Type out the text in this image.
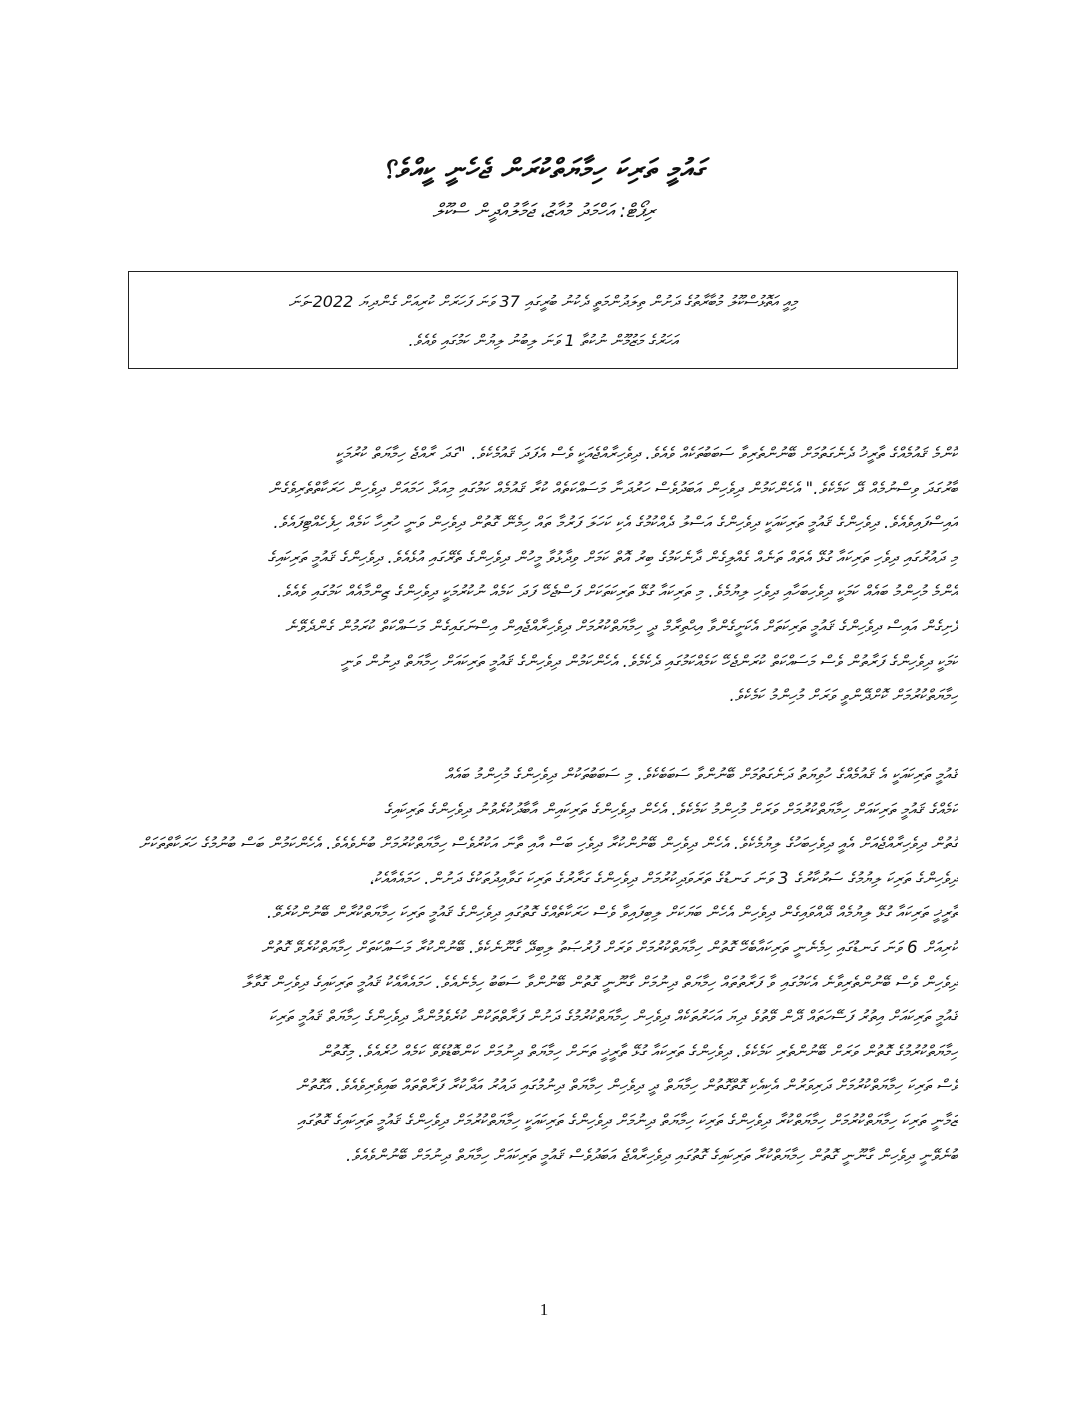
ގައުމީ ތަރިކަ ހިމާޔަތްކުރަން ޖެހެނީ ކީއްވެ؟
ރިޕޯޓް: އަހްމަދު މުއާޒު، ޖަމާލުއްދީން ސްކޫލް

މިއީ އަތޮޅުސްކޫލު މުބާރާތުގެ ދަށުން ތިލަދުންމަތީ ދެކުނު ބުރީގައި 37 ވަނަ ފަހަރަށް ކުރިއަށް ގެންދިޔަ 2022-ވަނަ

އަހަރުގެ މަޒުމޫން ނުކުތާ 1 ވަނަ ލިބުނު ލިޔުން ކަމުގައި ވެއެވެ.

ކޮންމެ ޤައުމެއްގެ ތާރީޚު ދެނެގަތުމަށް ބޭނުންތެރިވާ ސަބަބުތަކެއް ވެއެވެ. ދިވެހިރާއްޖެއަކީ ވެސް އެފަދަ ޤައުމެކެވެ. "ގަދަ ރާއްޖެ ހިމާޔަތް ކުރުމަކީ

ބާރުގަދަ ވިސްނުމެއް ދޭ ކަމެކެވެ." އެހެންކަމުން ދިވެހިން އަބަދުވެސް ހަރުދަނާ މަސައްކަތެއް ކުރާ ޤައުމެއް ކަމުގައި މިއަދާ ހަމައަށް ދިވެހިން ހަރަކާތްތެރިވެގެން

އައިސްފައިވެއެވެ. ދިވެހިންގެ ޤައުމީ ތަރިކައަކީ ދިވެހިންގެ އަސްލު ދެއްކުމުގެ އެކި ކަހަލަ ފަރުމާ ތައް ހިމެނޭ ގޮތުން ދިވެހިން ވަނީ ހުރިހާ ކަމެއް ހިފެހެއްޓިފައެވެ.

މި ދައުރުގައި ދިވެހި ތަރިކައާ ގުޅޭ އެތައް ތަނެއް ގެއްލިގެން ދާނެކަމުގެ ބިރު އޮތް ކަމަށް ވިދާޅުވާ މީހުން ދިވެހިންގެ ތެރޭގައި އުޅެއެވެ. ދިވެހިންގެ ޤައުމީ ތަރިކައިގެ

އެންމެ މުހިންމު ބައެއް ކަމަކީ ދިވެހިބަހާއި ދިވެހި ލިޔުމެވެ. މި ތަރިކައާ ގުޅޭ ތަރިކަތަކަށް ފަސްޖެހޭ ފަދަ ކަމެއް ނުކުރުމަކީ ދިވެހިންގެ ޒިންމާއެއް ކަމުގައި ވެއެވެ.

ފެށިގެން އައިސް ދިވެހިންގެ ޤައުމީ ތަރިކަތަށް އެކަށީގެންވާ އިޙްތިރާމް ދީ ހިމާޔަތްކުރުމަށް ދިވެހިރާއްޖެއިން އިސްނަގައިގެން މަސައްކަތް ކުރަމުން ގެންދެވޭނެ

ކަމަކީ ދިވެހިންގެ ފަރާތުން ވެސް މަސައްކަތް ކުރަންޖެހޭ ކަމެއްކަމުގައި ދެކެމެވެ. އެހެންކަމުން ދިވެހިންގެ ޤައުމީ ތަރިކައަށް ހިމާޔަތް ދިނުން ވަނީ

ހިމާޔަތްކުރުމަށް ކޮށްދޭންވީ ވަރަށް މުހިންމު ކަމެކެވެ.

ޤައުމީ ތަރިކައަކީ އެ ޤައުމެއްގެ ހުވިޔަތު ދަނެގަތުމަށް ބޭނުންވާ ސަބަބެކެވެ. މި ސަބަބުތަކުން ދިވެހިންގެ މުހިންމު ބައެއް

ކަމެއްގެ ޤައުމީ ތަރިކައަށް ހިމާޔަތްކުރުމަށް ވަރަށް މުހިންމު ކަމެކެވެ. އެހެން ދިވެހިންގެ ތަރިކައިން އާބާދުކުރެވުނު ދިވެހިންގެ ތަރިކައިގެ

ގޮތުން ދިވެހިރާއްޖެއަށް އެއީ ދިވެހިބަހުގެ ލިޔުމެކެވެ. އެހެން ދިވެހިން ބޭނުންކުރާ ދިވެހި ބަސް އާއި ތާނަ އަކުރުވެސް ހިމާޔަތްކުރުމަށް ބުނެވެއެވެ. އެހެންކަމުން ބަސް ބުނުމުގެ ހަރަކާތްތަކަށް

ދިވެހިންގެ ތަރިކަ ލިޔުމުގެ ސަރުކާރުގެ 3 ވަނަ ގަނޑުގެ ތަރަވަދިކުރުމަށް ދިވެހިންގެ ގަރާރުގެ ތަރިކަ ގަވާއިދުތަކުގެ ދަށުން. ހަމައެއާއެކު،

ތާރީޚީ ތަރިކައާ ގުޅޭ ލިޔުމެއް ދޭއްވައިގެން ދިވެހިން އެހެން ބަޔަކަށް ލިބިފައިވާ ވެސް ހަރަކާތެއްގެ ގޮތުގައި ދިވެހިންގެ ޤައުމީ ތަރިކަ ހިމާޔަތްކުރާން ބޭނުންކުރެވޭ.

ކުރިއަށް 6 ވަނަ ގަނޑުގައި ހިމެނެނީ ތަރިކައާބެހޭ ގޮތުން ހިމާޔަތްކުރުމަށް ވަރަށް ފުރުޞަތު ލިބިދޭ ގާނޫނެކެވެ. ބޭނުންކުރާ މަސައްކަތަށް ހިމާޔަތްކުރެވޭ ގޮތުން

ދިވެހިން ވެސް ބޭނުންތެރިވާނެ އެކަމުގައި ވާ ފަރާތުތައް ހިމާޔަތް ދިނުމަށް ގާނޫނީ ގޮތުން ބޭނުންވާ ސަބަބު ހިމެނެއެވެ. ހަމައެއާއެކު ޤައުމީ ތަރިކައިގެ ދިވެހިން ގޮވާލާ

ޤައުމީ ތަރިކައަށް އިތުރު ފަސޭހަތައް ދޭން ވޭތުވެ ދިޔަ އަހަރުތަކެއް ދިވެހިން ހިމާޔަތްކުރުމުގެ ދަށުން ފަރާތްތަކުން ކުރެވެމުންދާ ދިވެހިންގެ ހިމާޔަތް ޤައުމީ ތަރިކަ

ހިމާޔަތްކުރުމުގެ ގޮތުން ވަރަށް ބޭނުންތެރި ކަމެކެވެ. ދިވެހިންގެ ތަރިކައާ ގުޅޭ ތާރީޚީ ތަނަށް ހިމާޔަތް ދިނުމަށް ކަންބޮޑުވެވޭ ކަމެއް ހުރެއެވެ. މިގޮތުން

ވެސް ތަރިކަ ހިމާޔަތްކުރުމަށް ދަރިވަރުން އެކިއެކި ގޮތްގޮތުން ހިމާޔަތް ދީ ދިވެހިން ހިމާޔަތް ދިނުމުގައި ދައުރު އަދާކުރާ ފަރާތްތައް ބައިވެރިވެއެވެ. އެގޮތުން

ޒަމާނީ ތަރިކަ ހިމާޔަތްކުރުމަށް ހިމާޔަތްކުރާ ދިވެހިންގެ ތަރިކަ ހިމާޔަތް ދިނުމަށް ދިވެހިންގެ ތަރިކައަކީ ހިމާޔަތްކުރުމަށް ދިވެހިންގެ ޤައުމީ ތަރިކައިގެ ގޮތުގައި

ބުނެވޭނީ ދިވެހިން ގާނޫނީ ގޮތުން ހިމާޔަތްކުރާ ތަރިކައިގެ ގޮތުގައި ދިވެހިރާއްޖެ އަބަދުވެސް ޤައުމީ ތަރިކައަށް ހިމާޔަތް ދިނުމަށް ބޭނުންވެއެވެ.

1
